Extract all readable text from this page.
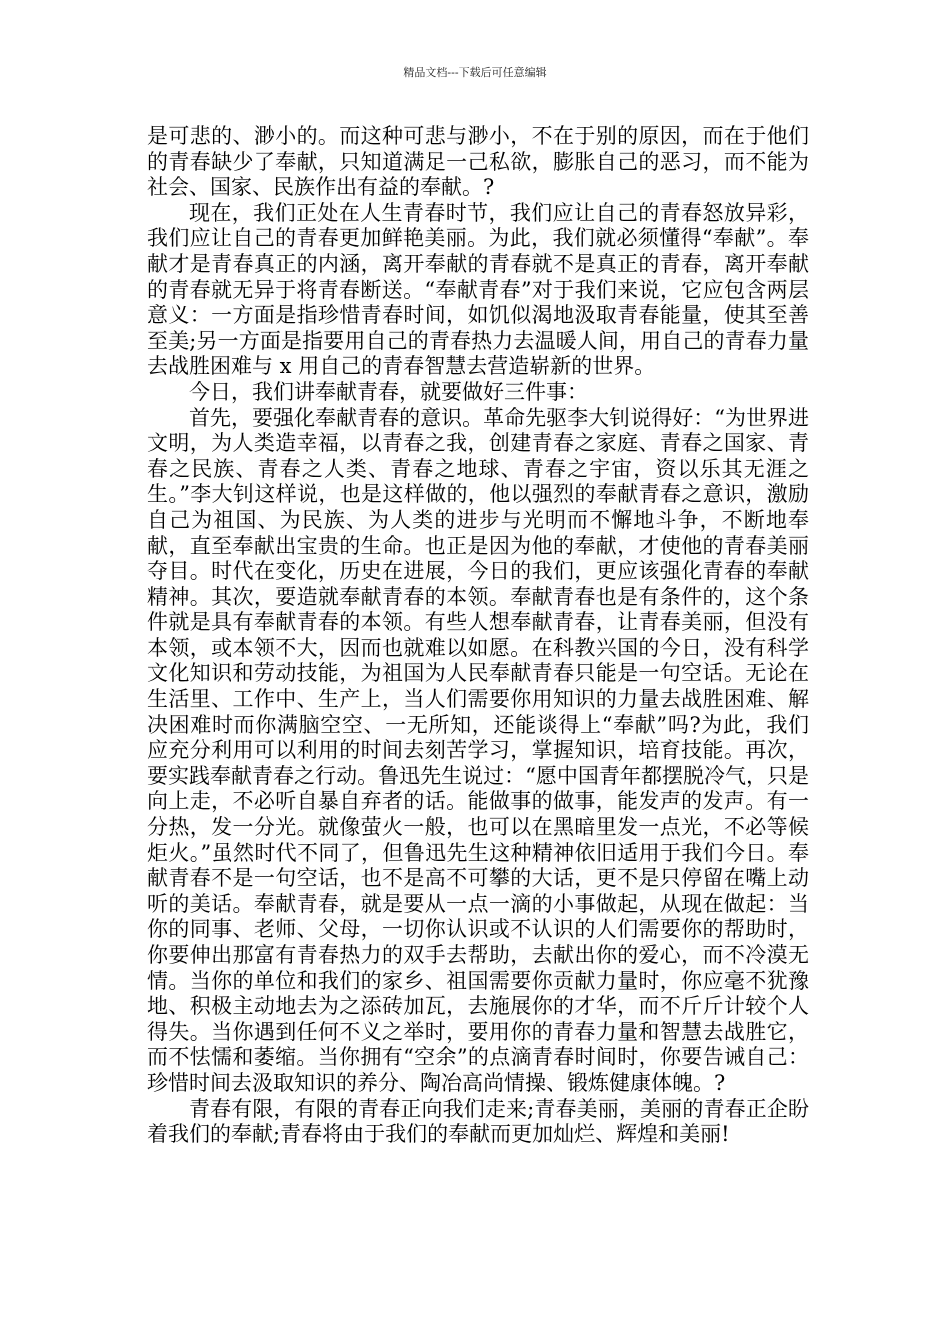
精品文档---下载后可任意编辑

是可悲的、渺小的。而这种可悲与渺小，不在于别的原因，而在于他们的青春缺少了奉献，只知道满足一己私欲，膨胀自己的恶习，而不能为社会、国家、民族作出有益的奉献。?

现在，我们正处在人生青春时节，我们应让自己的青春怒放异彩，我们应让自己的青春更加鲜艳美丽。为此，我们就必须懂得“奉献”。奉献才是青春真正的内涵，离开奉献的青春就不是真正的青春，离开奉献的青春就无异于将青春断送。“奉献青春”对于我们来说，它应包含两层意义：一方面是指珍惜青春时间，如饥似渴地汲取青春能量，使其至善至美;另一方面是指要用自己的青春热力去温暖人间，用自己的青春力量去战胜困难与 x 用自己的青春智慧去营造崭新的世界。

今日，我们讲奉献青春，就要做好三件事：

首先，要强化奉献青春的意识。革命先驱李大钊说得好：“为世界进文明，为人类造幸福，以青春之我，创建青春之家庭、青春之国家、青春之民族、青春之人类、青春之地球、青春之宇宙，资以乐其无涯之生。”李大钊这样说，也是这样做的，他以强烈的奉献青春之意识，激励自己为祖国、为民族、为人类的进步与光明而不懈地斗争，不断地奉献，直至奉献出宝贵的生命。也正是因为他的奉献，才使他的青春美丽夺目。时代在变化，历史在进展，今日的我们，更应该强化青春的奉献精神。其次，要造就奉献青春的本领。奉献青春也是有条件的，这个条件就是具有奉献青春的本领。有些人想奉献青春，让青春美丽，但没有本领，或本领不大，因而也就难以如愿。在科教兴国的今日，没有科学文化知识和劳动技能，为祖国为人民奉献青春只能是一句空话。无论在生活里、工作中、生产上，当人们需要你用知识的力量去战胜困难、解决困难时而你满脑空空、一无所知，还能谈得上“奉献”吗?为此，我们应充分利用可以利用的时间去刻苦学习，掌握知识，培育技能。再次，要实践奉献青春之行动。鲁迅先生说过：“愿中国青年都摆脱冷气，只是向上走，不必听自暴自弃者的话。能做事的做事，能发声的发声。有一分热，发一分光。就像萤火一般，也可以在黑暗里发一点光，不必等候炬火。”虽然时代不同了，但鲁迅先生这种精神依旧适用于我们今日。奉献青春不是一句空话，也不是高不可攀的大话，更不是只停留在嘴上动听的美话。奉献青春，就是要从一点一滴的小事做起，从现在做起：当你的同事、老师、父母，一切你认识或不认识的人们需要你的帮助时，你要伸出那富有青春热力的双手去帮助，去献出你的爱心，而不冷漠无情。当你的单位和我们的家乡、祖国需要你贡献力量时，你应毫不犹豫地、积极主动地去为之添砖加瓦，去施展你的才华，而不斤斤计较个人得失。当你遇到任何不义之举时，要用你的青春力量和智慧去战胜它，而不怯懦和萎缩。当你拥有“空余”的点滴青春时间时，你要告诫自己：珍惜时间去汲取知识的养分、陶冶高尚情操、锻炼健康体魄。?

青春有限，有限的青春正向我们走来;青春美丽，美丽的青春正企盼着我们的奉献;青春将由于我们的奉献而更加灿烂、辉煌和美丽!
